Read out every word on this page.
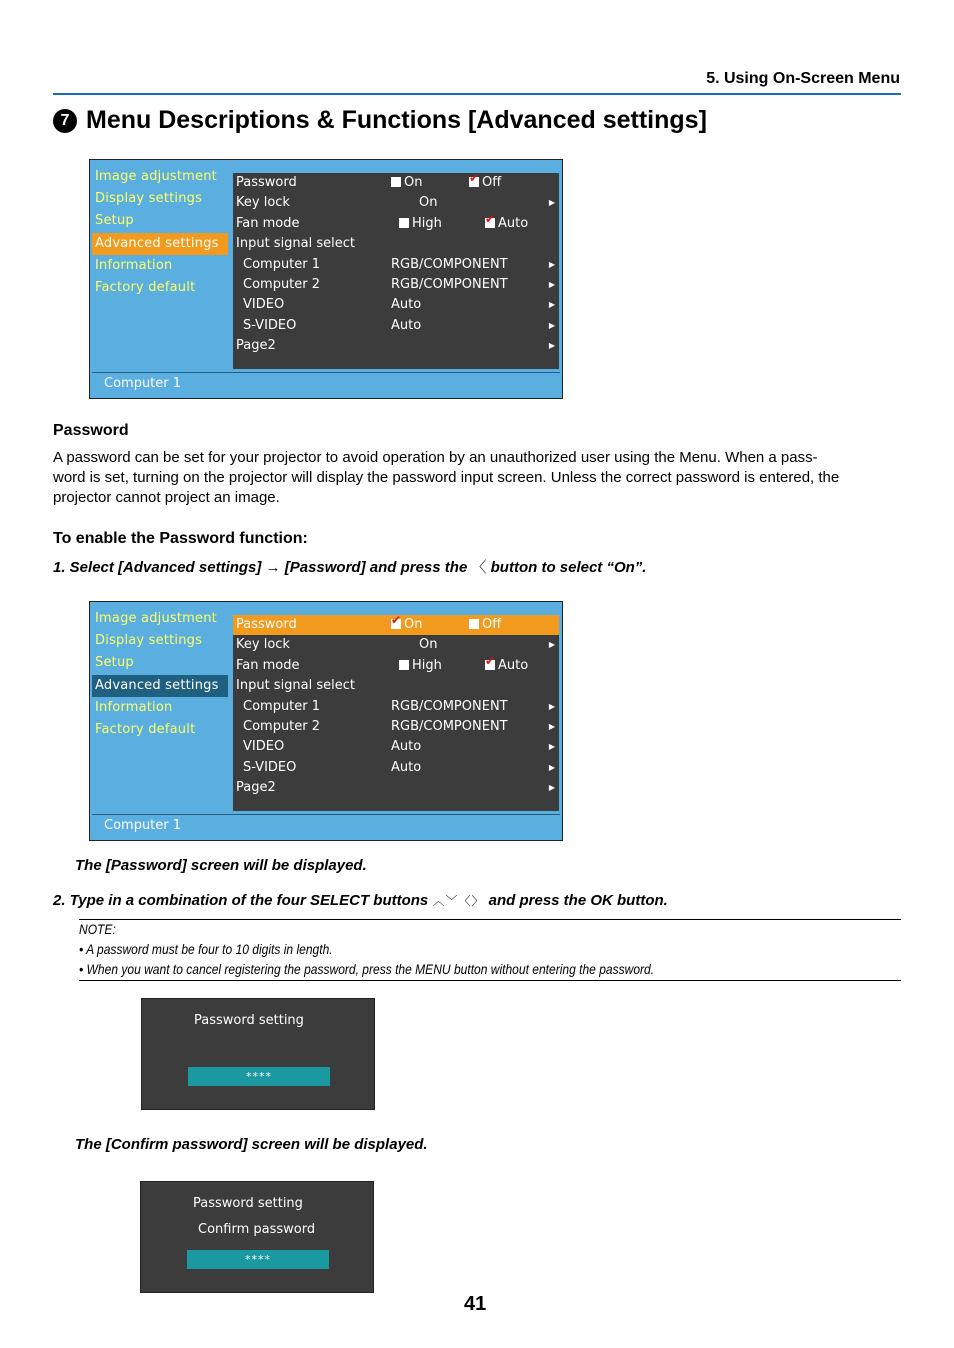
5. Using On-Screen Menu
7 Menu Descriptions & Functions [Advanced settings]
Image adjustment
Display settings
Setup
Advanced settings
Information
Factory default
Password	On ✔	Off
Key lock	On	▶
Fan mode	High ✔	Auto
Input signal select
Computer 1	RGB/COMPONENT	▶
Computer 2	RGB/COMPONENT	▶
VIDEO	Auto	▶
S-VIDEO	Auto	▶
Page2	▶
Computer 1
Password
A password can be set for your projector to avoid operation by an unauthorized user using the Menu. When a pass-
word is set, turning on the projector will display the password input screen. Unless the correct password is entered, the
projector cannot project an image.
To enable the Password function:
1. Select [Advanced settings] → [Password] and press the 〈 button to select “On”.
Image adjustment
Display settings
Setup
Advanced settings
Information
Factory default
Password ✔	On	Off
Key lock	On	▶
Fan mode	High ✔	Auto
Input signal select
Computer 1	RGB/COMPONENT	▶
Computer 2	RGB/COMPONENT	▶
VIDEO	Auto	▶
S-VIDEO	Auto	▶
Page2	▶
Computer 1
The [Password] screen will be displayed.
2. Type in a combination of the four SELECT buttons ︿﹀〈〉 and press the OK button.
NOTE:
• A password must be four to 10 digits in length.
• When you want to cancel registering the password, press the MENU button without entering the password.
Password setting
****
The [Confirm password] screen will be displayed.
Password setting
Confirm password
****
41
